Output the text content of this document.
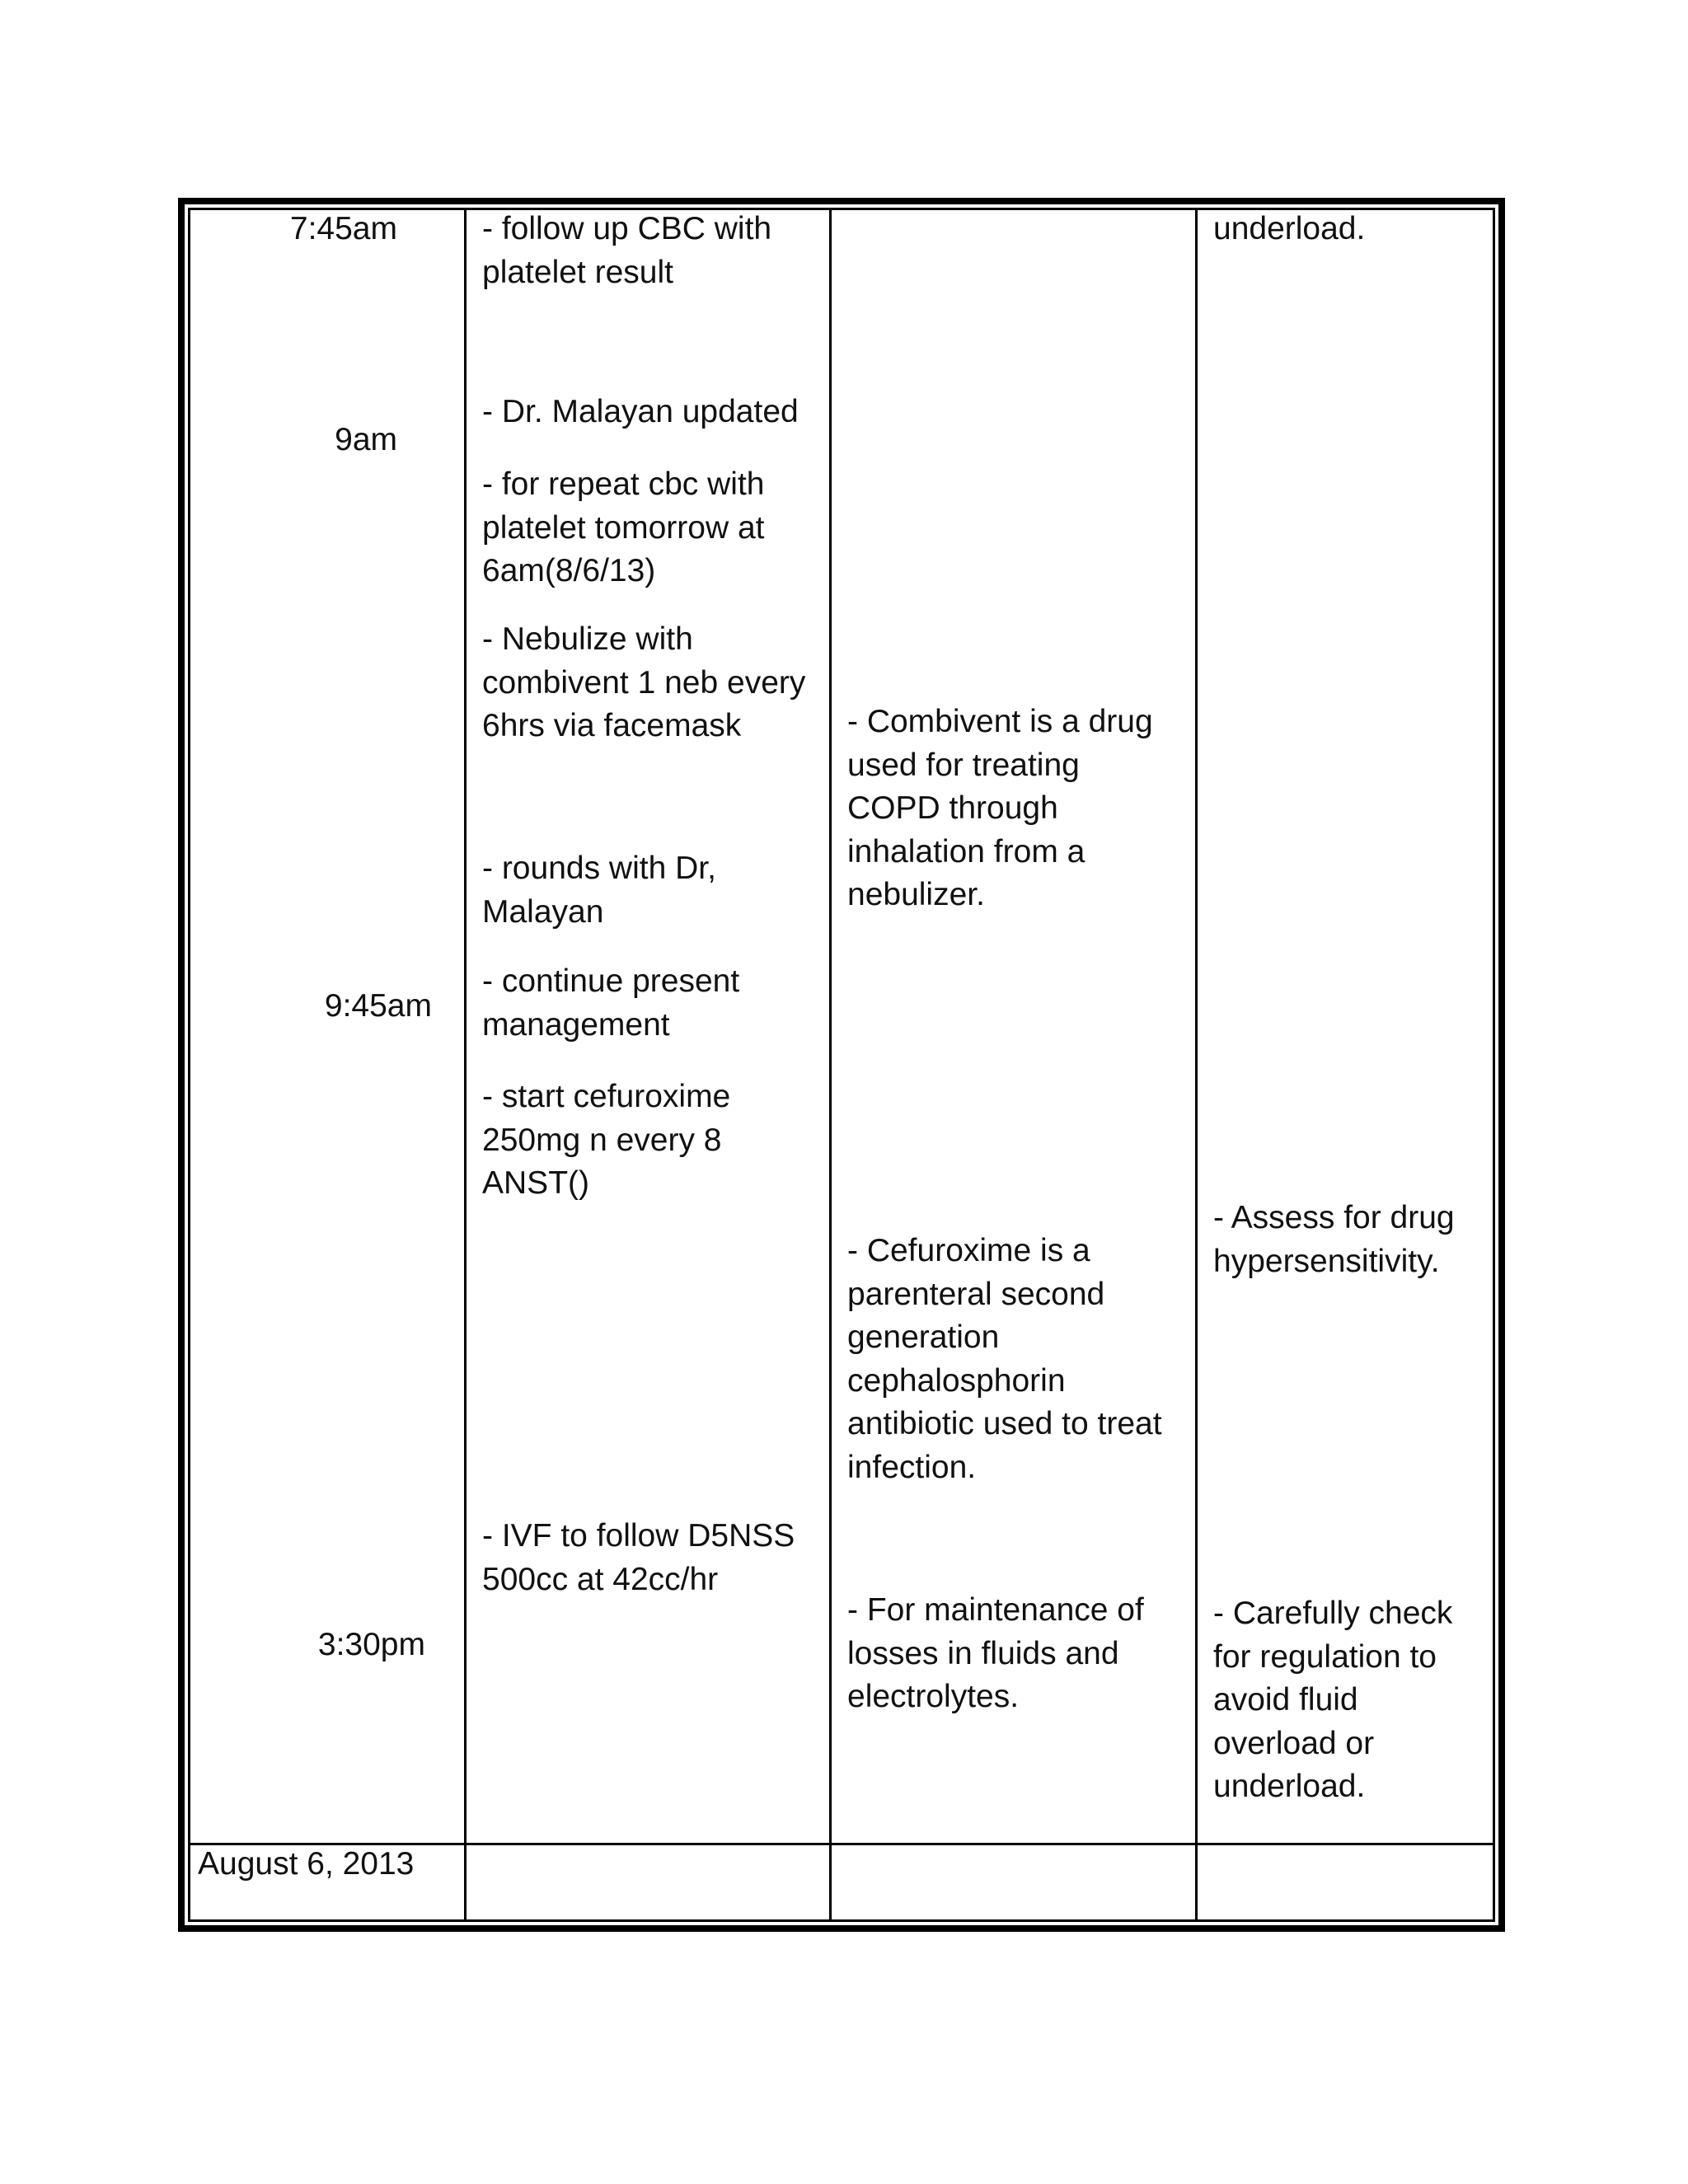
7:45am

9am

9:45am

3:30pm

- follow up CBC with
platelet result

- Dr. Malayan updated

- for repeat cbc with
platelet tomorrow at
6am(8/6/13)

- Nebulize with
combivent 1 neb every
6hrs via facemask

- rounds with Dr,
Malayan

- continue present
management

- start cefuroxime
250mg n every 8
ANST()

- IVF to follow D5NSS
500cc at 42cc/hr

- Combivent is a drug
used for treating
COPD through
inhalation from a
nebulizer.

- Cefuroxime is a
parenteral second
generation
cephalosphorin
antibiotic used to treat
infection.

- For maintenance of
losses in fluids and
electrolytes.

underload.

- Assess for drug
hypersensitivity.

- Carefully check
for regulation to
avoid fluid
overload or
underload.

August 6, 2013
